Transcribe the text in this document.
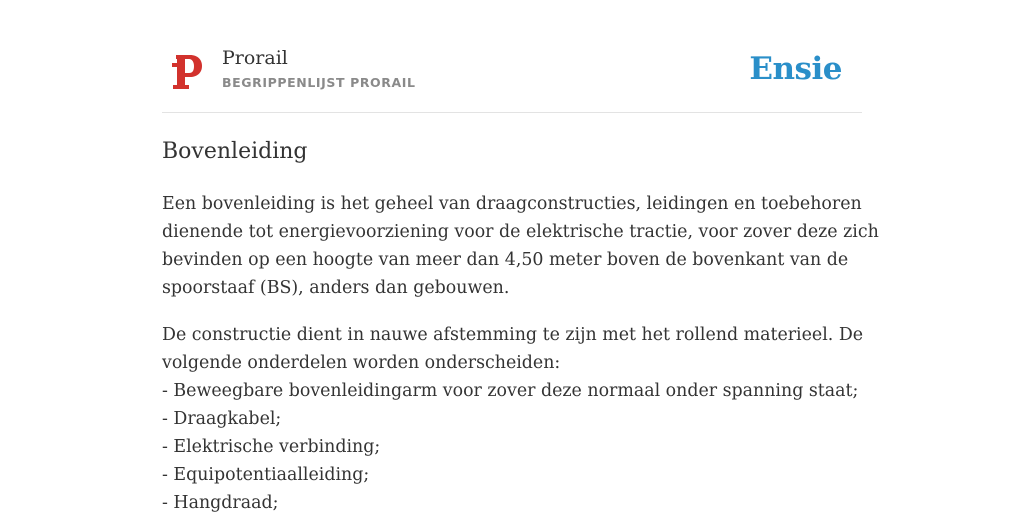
Prorail
BEGRIPPENLIJST PRORAIL	Ensie
Bovenleiding

Een bovenleiding is het geheel van draagconstructies, leidingen en toebehoren
dienende tot energievoorziening voor de elektrische tractie, voor zover deze zich
bevinden op een hoogte van meer dan 4,50 meter boven de bovenkant van de
spoorstaaf (BS), anders dan gebouwen.

De constructie dient in nauwe afstemming te zijn met het rollend materieel. De
volgende onderdelen worden onderscheiden:
- Beweegbare bovenleidingarm voor zover deze normaal onder spanning staat;
- Draagkabel;
- Elektrische verbinding;
- Equipotentiaalleiding;
- Hangdraad;
